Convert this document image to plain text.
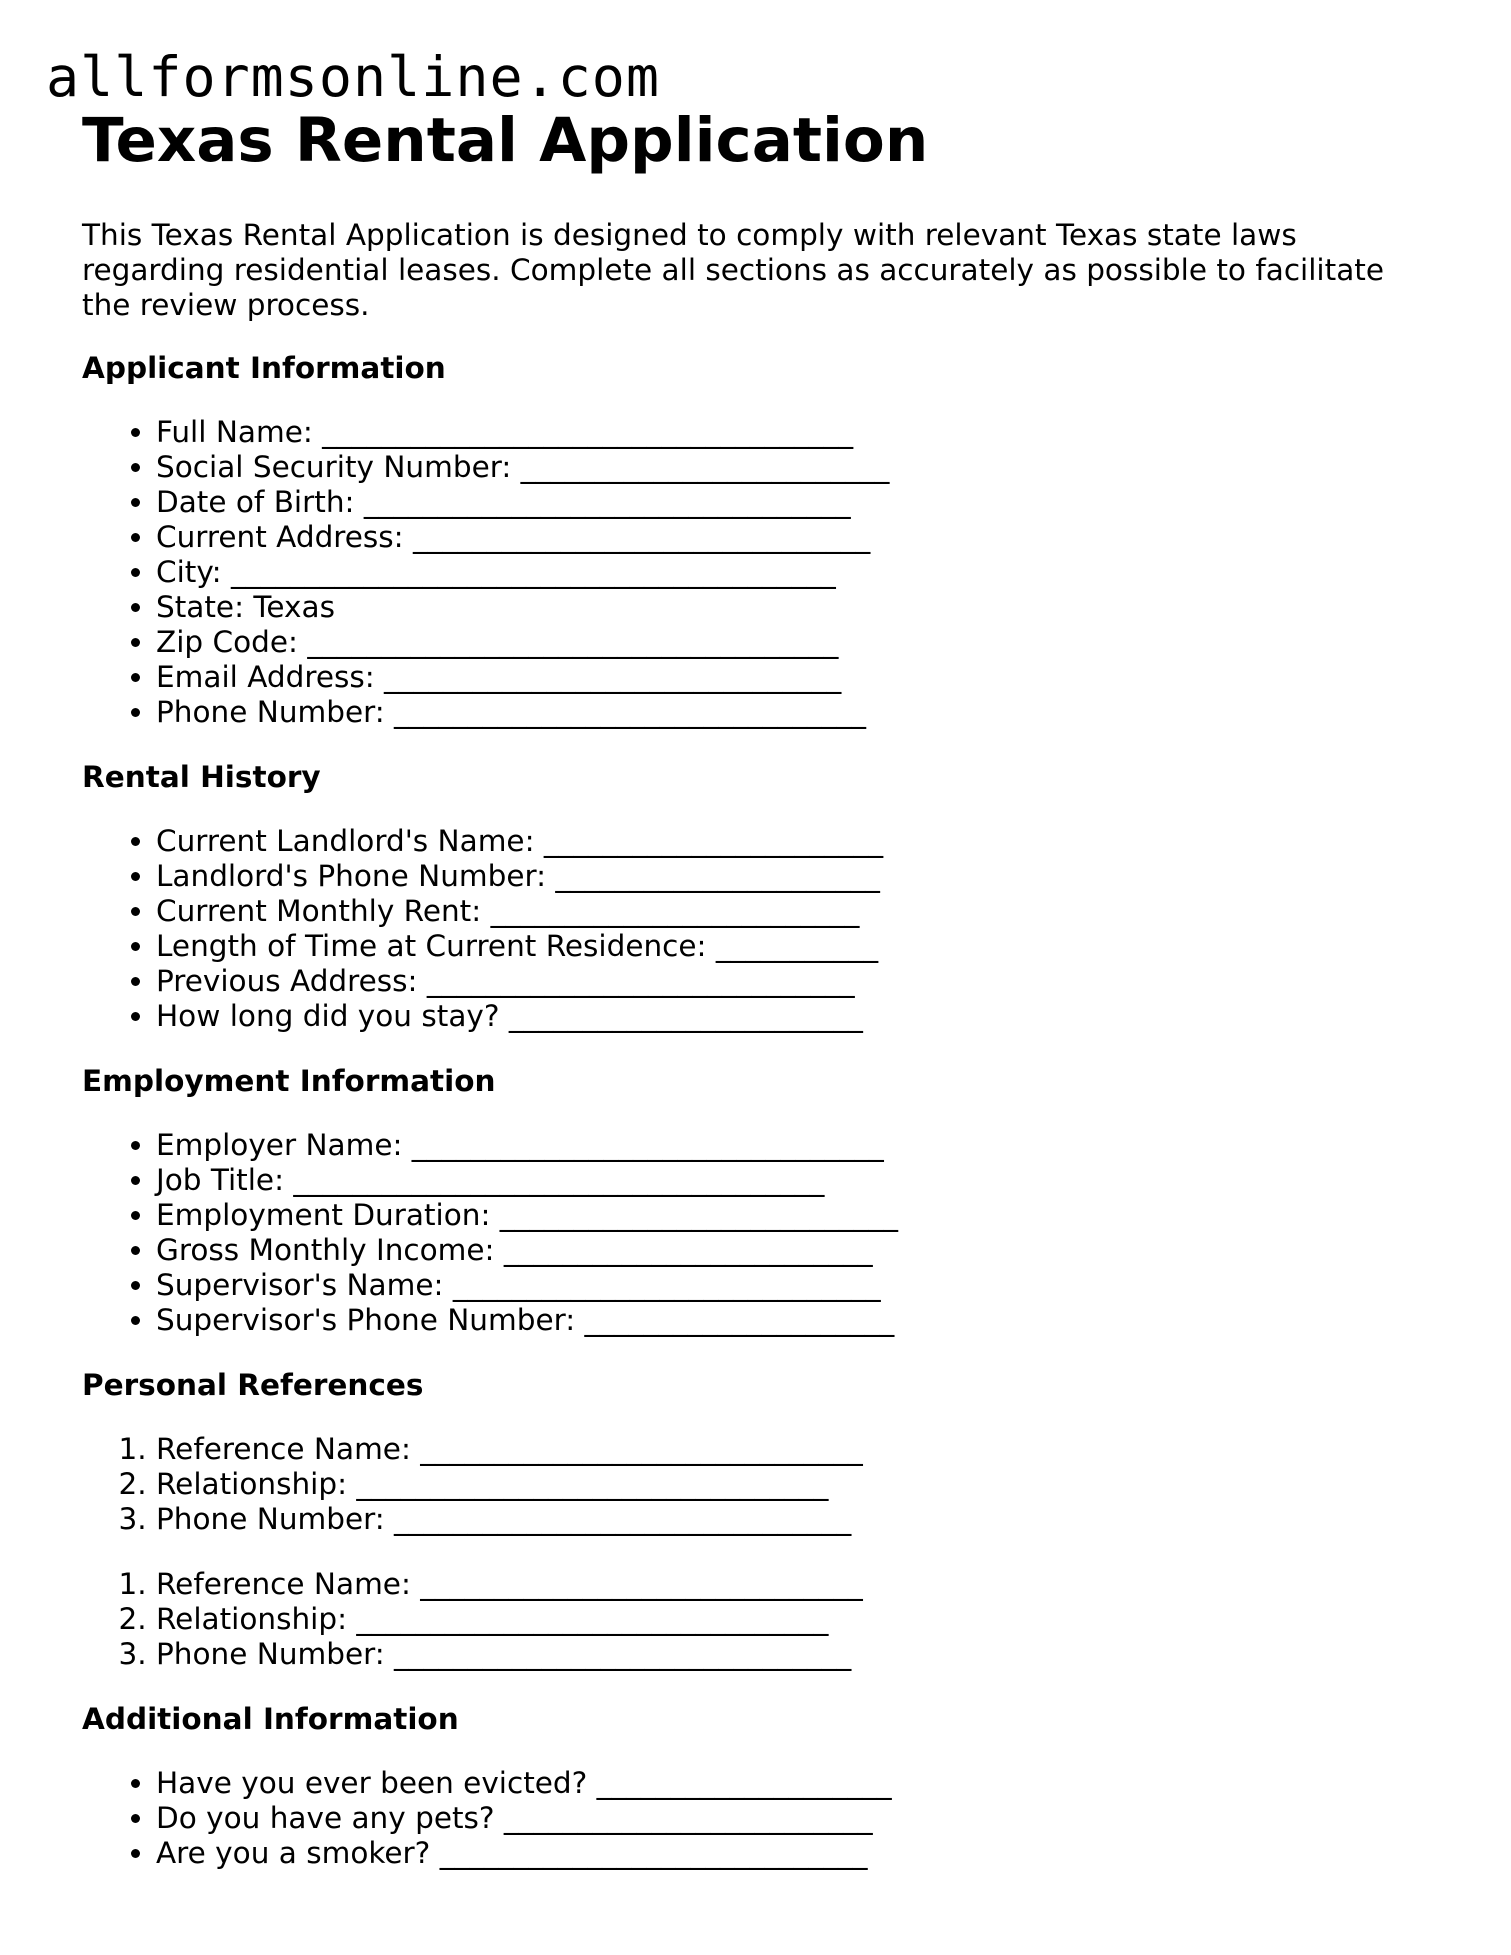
allformsonline.com
Texas Rental Application

This Texas Rental Application is designed to comply with relevant Texas state laws regarding residential leases. Complete all sections as accurately as possible to facilitate the review process.

Applicant Information
• Full Name: ____________________________________
• Social Security Number: _________________________
• Date of Birth: _________________________________
• Current Address: _______________________________
• City: _________________________________________
• State: Texas
• Zip Code: ____________________________________
• Email Address: _______________________________
• Phone Number: ________________________________
Rental History
• Current Landlord's Name: _______________________
• Landlord's Phone Number: ______________________
• Current Monthly Rent: _________________________
• Length of Time at Current Residence: ___________
• Previous Address: _____________________________
• How long did you stay? ________________________
Employment Information
• Employer Name: ________________________________
• Job Title: ____________________________________
• Employment Duration: ___________________________
• Gross Monthly Income: _________________________
• Supervisor's Name: _____________________________
• Supervisor's Phone Number: _____________________
Personal References
1. Reference Name: ______________________________
2. Relationship: ________________________________
3. Phone Number: _______________________________
1. Reference Name: ______________________________
2. Relationship: ________________________________
3. Phone Number: _______________________________
Additional Information
• Have you ever been evicted? ____________________
• Do you have any pets? _________________________
• Are you a smoker? _____________________________
